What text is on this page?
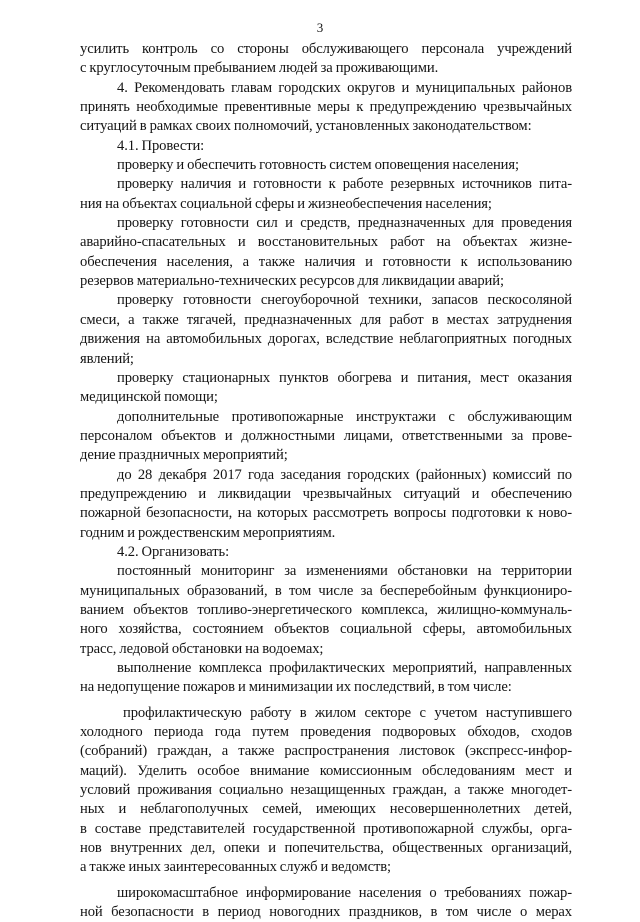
3

усилить контроль со стороны обслуживающего персонала учреждений

с круглосуточным пребыванием людей за проживающими.

4. Рекомендовать главам городских округов и муниципальных районов

принять необходимые превентивные меры к предупреждению чрезвычайных

ситуаций в рамках своих полномочий, установленных законодательством:

4.1. Провести:

проверку и обеспечить готовность систем оповещения населения;

проверку наличия и готовности к работе резервных источников пита-

ния на объектах социальной сферы и жизнеобеспечения населения;

проверку готовности сил и средств, предназначенных для проведения

аварийно-спасательных и восстановительных работ на объектах жизне-

обеспечения населения, а также наличия и готовности к использованию

резервов материально-технических ресурсов для ликвидации аварий;

проверку готовности снегоуборочной техники, запасов пескосоляной

смеси, а также тягачей, предназначенных для работ в местах затруднения

движения на автомобильных дорогах, вследствие неблагоприятных погодных

явлений;

проверку стационарных пунктов обогрева и питания, мест оказания

медицинской помощи;

дополнительные противопожарные инструктажи с обслуживающим

персоналом объектов и должностными лицами, ответственными за прове-

дение праздничных мероприятий;

до 28 декабря 2017 года заседания городских (районных) комиссий по

предупреждению и ликвидации чрезвычайных ситуаций и обеспечению

пожарной безопасности, на которых рассмотреть вопросы подготовки к ново-

годним и рождественским мероприятиям.

4.2. Организовать:

постоянный мониторинг за изменениями обстановки на территории

муниципальных образований, в том числе за бесперебойным функциониро-

ванием объектов топливо-энергетического комплекса, жилищно-коммуналь-

ного хозяйства, состоянием объектов социальной сферы, автомобильных

трасс, ледовой обстановки на водоемах;

выполнение комплекса профилактических мероприятий, направленных

на недопущение пожаров и минимизации их последствий, в том числе:

профилактическую работу в жилом секторе с учетом наступившего

холодного периода года путем проведения подворовых обходов, сходов

(собраний) граждан, а также распространения листовок (экспресс-инфор-

маций). Уделить особое внимание комиссионным обследованиям мест и

условий проживания социально незащищенных граждан, а также многодет-

ных и неблагополучных семей, имеющих несовершеннолетних детей,

в составе представителей государственной противопожарной службы, орга-

нов внутренних дел, опеки и попечительства, общественных организаций,

а также иных заинтересованных служб и ведомств;

широкомасштабное информирование населения о требованиях пожар-

ной безопасности в период новогодних праздников, в том числе о мерах
